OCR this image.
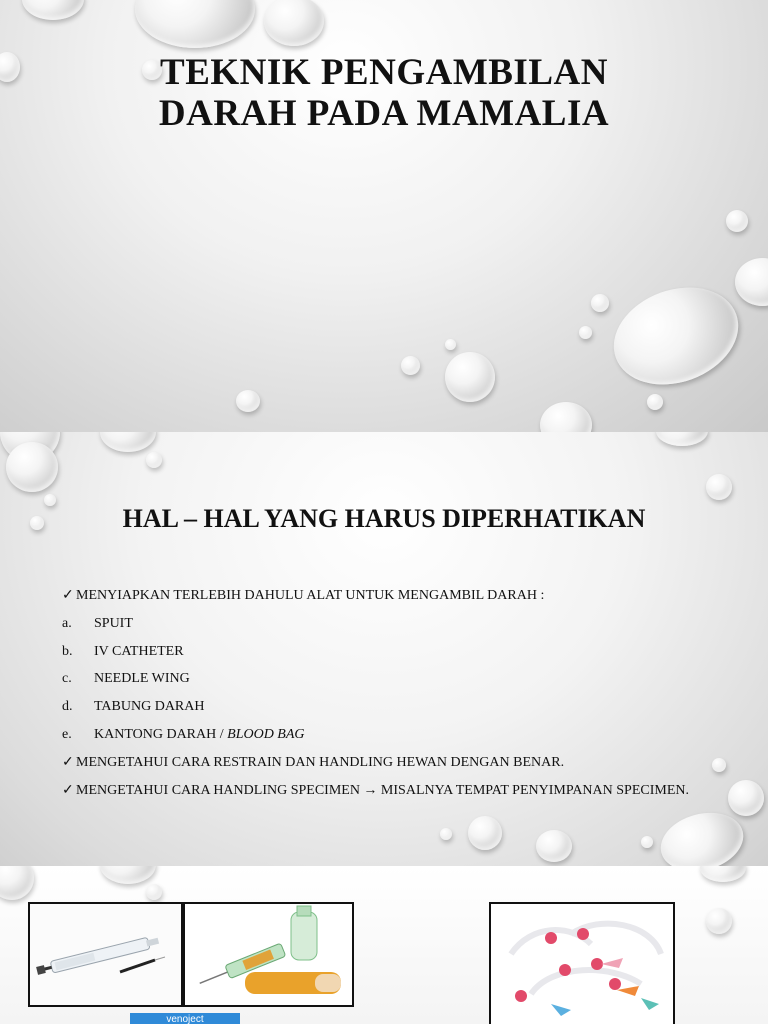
TEKNIK PENGAMBILAN
DARAH PADA MAMALIA
HAL – HAL YANG HARUS DIPERHATIKAN
✓ MENYIAPKAN TERLEBIH DAHULU ALAT UNTUK MENGAMBIL DARAH :
a. SPUIT
b. IV CATHETER
c. NEEDLE WING
d. TABUNG DARAH
e. KANTONG DARAH / BLOOD BAG
✓ MENGETAHUI CARA RESTRAIN DAN HANDLING HEWAN DENGAN BENAR.
✓ MENGETAHUI CARA HANDLING SPECIMEN → MISALNYA TEMPAT PENYIMPANAN SPECIMEN.
venoject
